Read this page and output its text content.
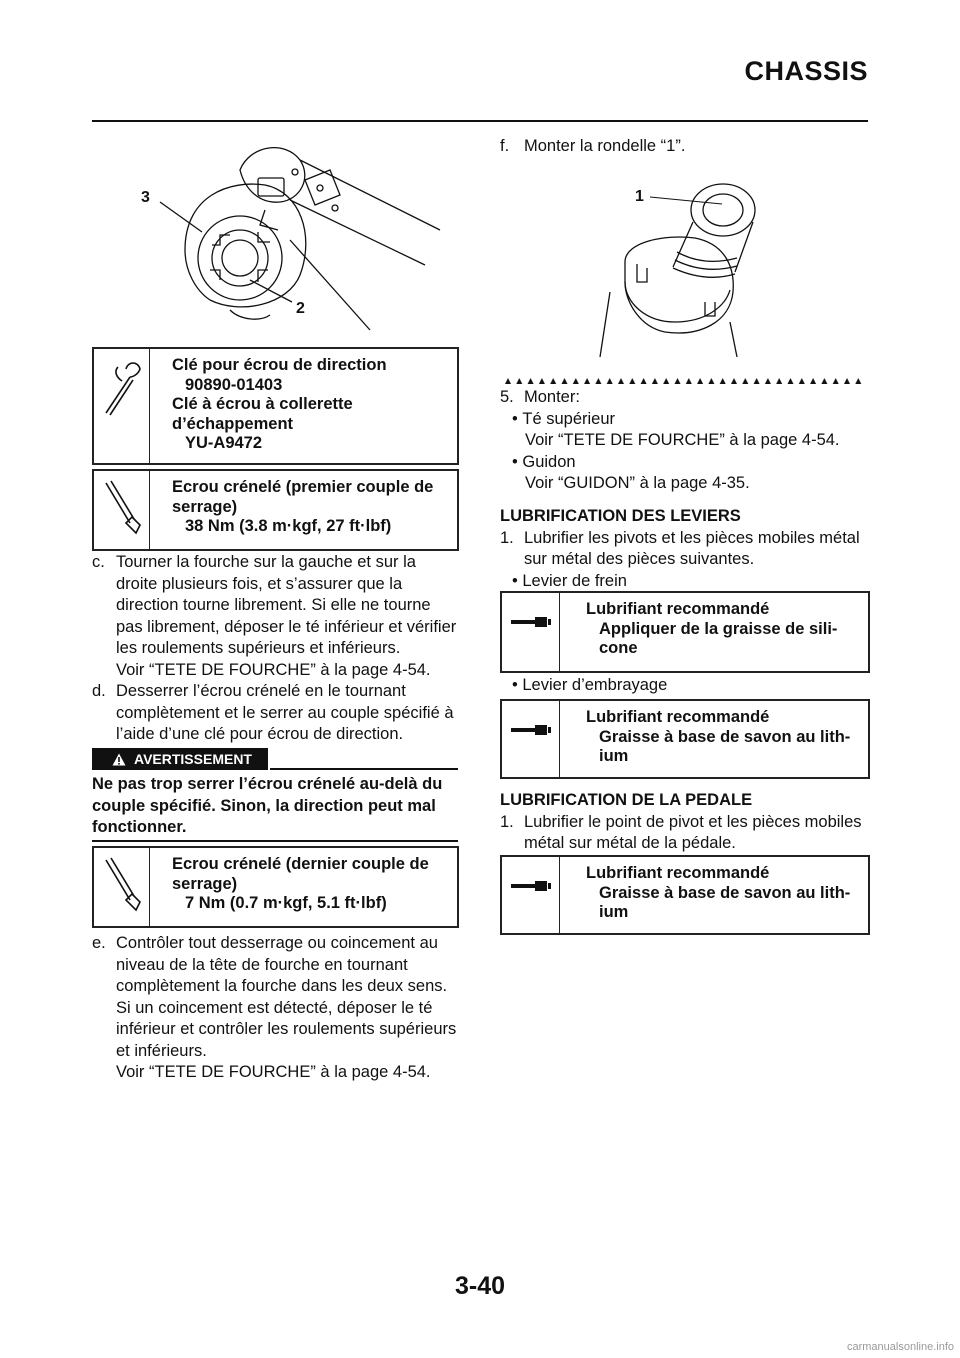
CHASSIS
3
2
Clé pour écrou de direction
90890-01403
Clé à écrou à collerette
d’échappement
YU-A9472
Ecrou crénelé (premier couple de
serrage)
38 Nm (3.8 m·kgf, 27 ft·lbf)

c. Tourner la fourche sur la gauche et sur la droite plusieurs fois, et s’assurer que la direction tourne librement. Si elle ne tourne pas librement, déposer le té inférieur et vérifier les roulements supérieurs et inférieurs.

Voir “TETE DE FOURCHE” à la page 4-54.

d. Desserrer l’écrou crénelé en le tournant complètement et le serrer au couple spécifié à l’aide d’une clé pour écrou de direction.

AVERTISSEMENT
Ne pas trop serrer l’écrou crénelé au-delà du couple spécifié. Sinon, la direction peut mal fonctionner.
Ecrou crénelé (dernier couple de
serrage)
7 Nm (0.7 m·kgf, 5.1 ft·lbf)

e. Contrôler tout desserrage ou coincement au niveau de la tête de fourche en tournant complètement la fourche dans les deux sens. Si un coincement est détecté, déposer le té inférieur et contrôler les roulements supérieurs et inférieurs.

Voir “TETE DE FOURCHE” à la page 4-54.

f. Monter la rondelle “1”.

1

5. Monter:

• Té supérieur

Voir “TETE DE FOURCHE” à la page 4-54.

• Guidon

Voir “GUIDON” à la page 4-35.

LUBRIFICATION DES LEVIERS

1. Lubrifier les pivots et les pièces mobiles métal sur métal des pièces suivantes.

• Levier de frein

Lubrifiant recommandé
Appliquer de la graisse de sili-
cone

• Levier d’embrayage

Lubrifiant recommandé
Graisse à base de savon au lith-
ium

LUBRIFICATION DE LA PEDALE

1. Lubrifier le point de pivot et les pièces mobiles métal sur métal de la pédale.

Lubrifiant recommandé
Graisse à base de savon au lith-
ium
3-40
carmanualsonline.info
